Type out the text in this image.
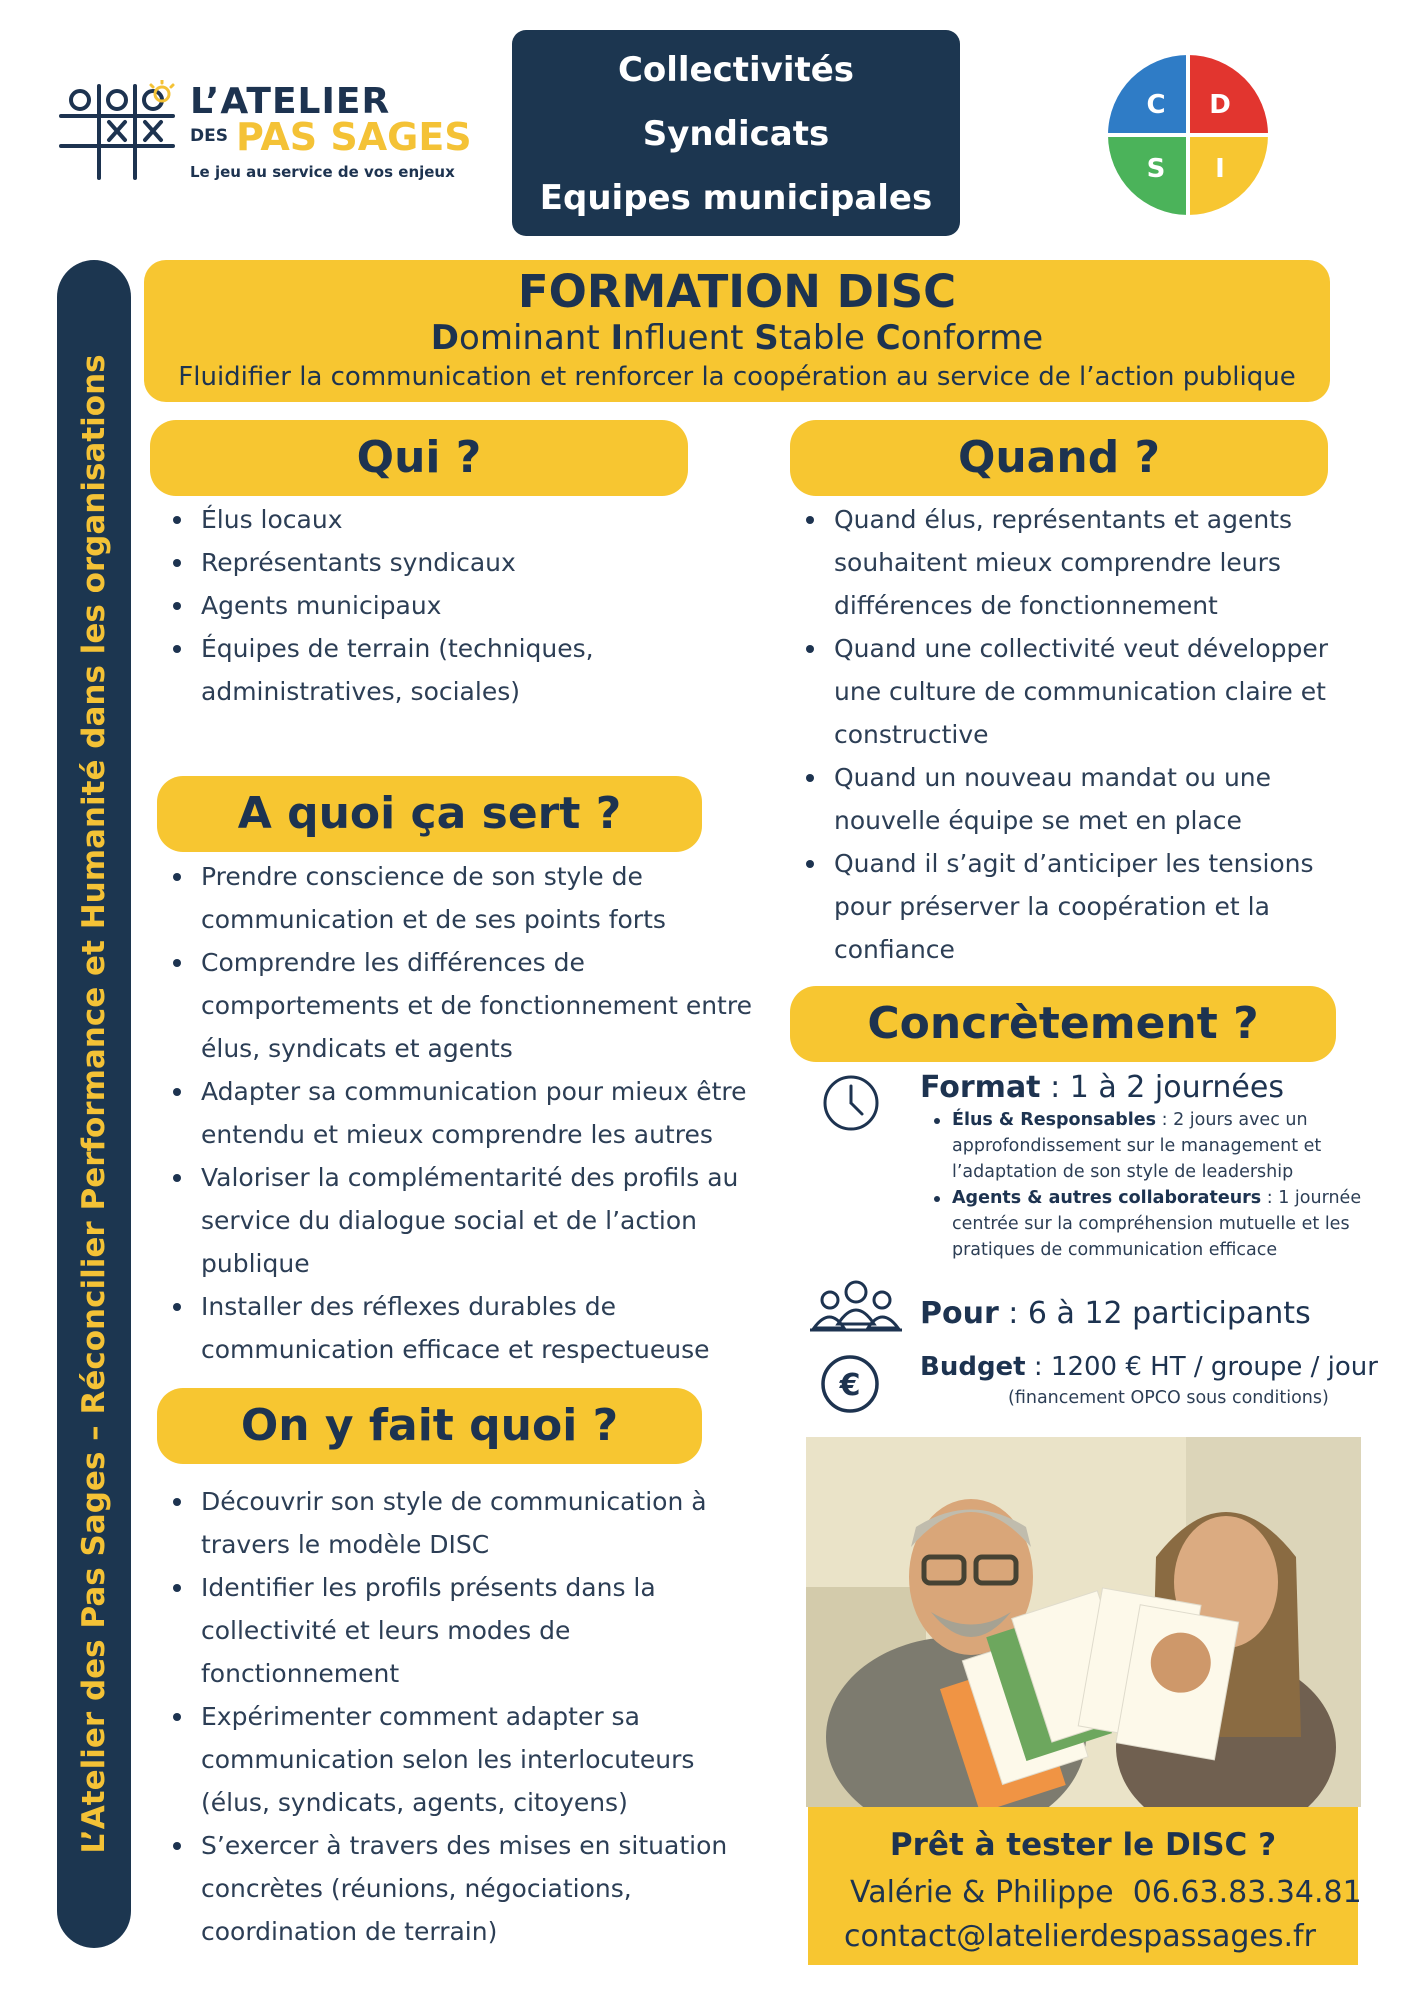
L’ATELIER
DES PAS SAGES
Le jeu au service de vos enjeux
Collectivités
Syndicats
Equipes municipales
C D
S I
L’Atelier des Pas Sages – Réconcilier Performance et Humanité dans les organisations
FORMATION DISC
Dominant Influent Stable Conforme
Fluidifier la communication et renforcer la coopération au service de l’action publique
Qui ?
Élus locaux
Représentants syndicaux
Agents municipaux
Équipes de terrain (techniques, administratives, sociales)
Quand ?
Quand élus, représentants et agents souhaitent mieux comprendre leurs différences de fonctionnement
Quand une collectivité veut développer une culture de communication claire et constructive
Quand un nouveau mandat ou une nouvelle équipe se met en place
Quand il s’agit d’anticiper les tensions pour préserver la coopération et la confiance
A quoi ça sert ?
Prendre conscience de son style de communication et de ses points forts
Comprendre les différences de comportements et de fonctionnement entre élus, syndicats et agents
Adapter sa communication pour mieux être entendu et mieux comprendre les autres
Valoriser la complémentarité des profils au service du dialogue social et de l’action publique
Installer des réflexes durables de communication efficace et respectueuse
On y fait quoi ?
Découvrir son style de communication à travers le modèle DISC
Identifier les profils présents dans la collectivité et leurs modes de fonctionnement
Expérimenter comment adapter sa communication selon les interlocuteurs (élus, syndicats, agents, citoyens)
S’exercer à travers des mises en situation concrètes (réunions, négociations, coordination de terrain)
Concrètement ?
Format : 1 à 2 journées
Élus & Responsables : 2 jours avec un approfondissement sur le management et l’adaptation de son style de leadership
Agents & autres collaborateurs : 1 journée centrée sur la compréhension mutuelle et les pratiques de communication efficace
Pour : 6 à 12 participants
€
Budget : 1200 € HT / groupe / jour
(financement OPCO sous conditions)
Prêt à tester le DISC ?
Valérie & Philippe 06.63.83.34.81
contact@latelierdespassages.fr
